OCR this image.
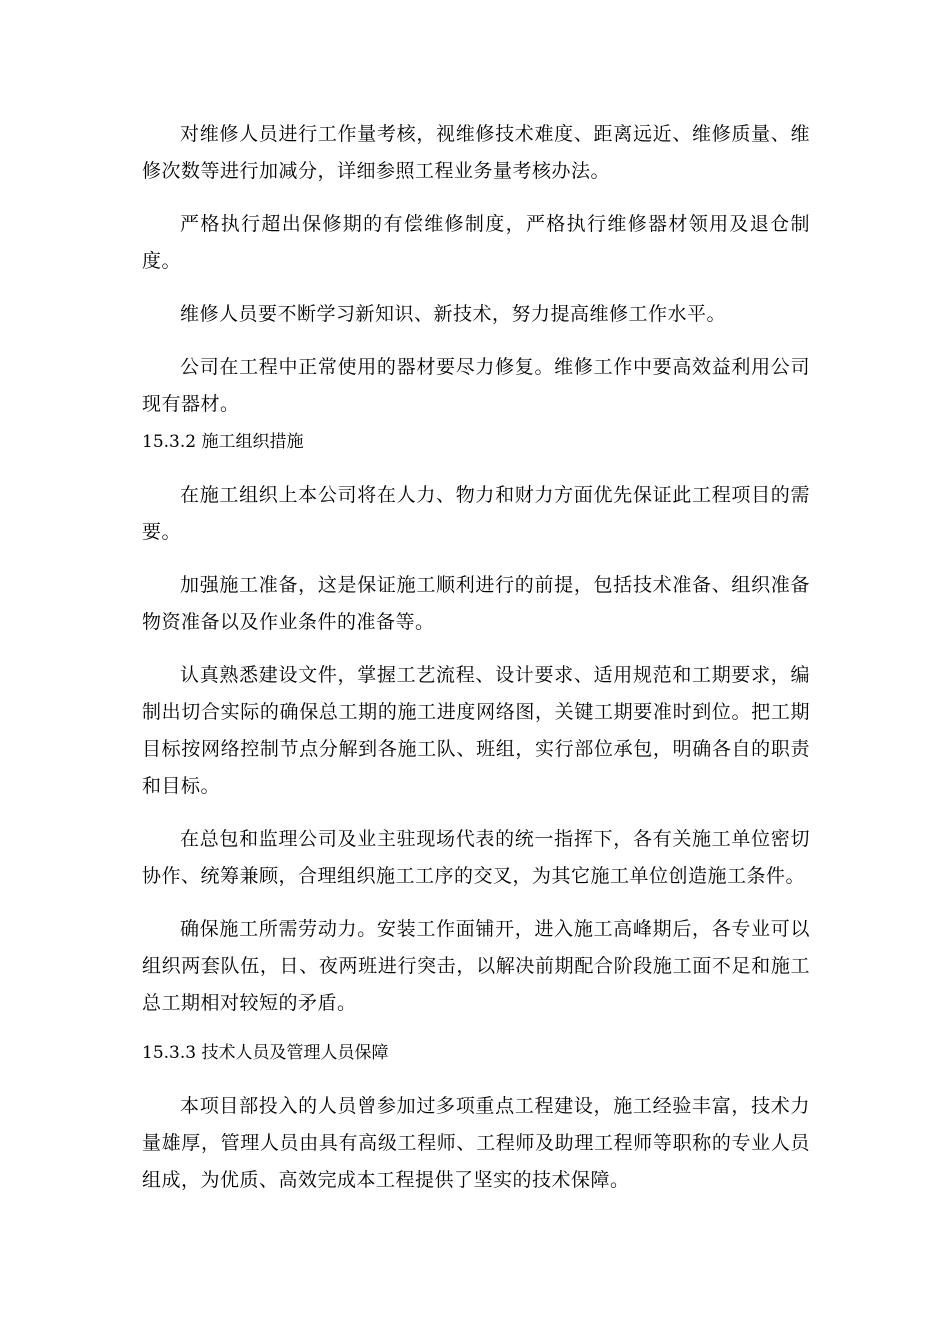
对维修人员进行工作量考核，视维修技术难度、距离远近、维修质量、维修次数等进行加减分，详细参照工程业务量考核办法。

严格执行超出保修期的有偿维修制度，严格执行维修器材领用及退仓制度。

维修人员要不断学习新知识、新技术，努力提高维修工作水平。

公司在工程中正常使用的器材要尽力修复。维修工作中要高效益利用公司现有器材。

15.3.2 施工组织措施

在施工组织上本公司将在人力、物力和财力方面优先保证此工程项目的需要。

加强施工准备，这是保证施工顺利进行的前提，包括技术准备、组织准备物资准备以及作业条件的准备等。

认真熟悉建设文件，掌握工艺流程、设计要求、适用规范和工期要求，编制出切合实际的确保总工期的施工进度网络图，关键工期要准时到位。把工期目标按网络控制节点分解到各施工队、班组，实行部位承包，明确各自的职责和目标。

在总包和监理公司及业主驻现场代表的统一指挥下，各有关施工单位密切协作、统筹兼顾，合理组织施工工序的交叉，为其它施工单位创造施工条件。

确保施工所需劳动力。安装工作面铺开，进入施工高峰期后，各专业可以组织两套队伍，日、夜两班进行突击，以解决前期配合阶段施工面不足和施工总工期相对较短的矛盾。

15.3.3 技术人员及管理人员保障

本项目部投入的人员曾参加过多项重点工程建设，施工经验丰富，技术力量雄厚，管理人员由具有高级工程师、工程师及助理工程师等职称的专业人员组成，为优质、高效完成本工程提供了坚实的技术保障。
